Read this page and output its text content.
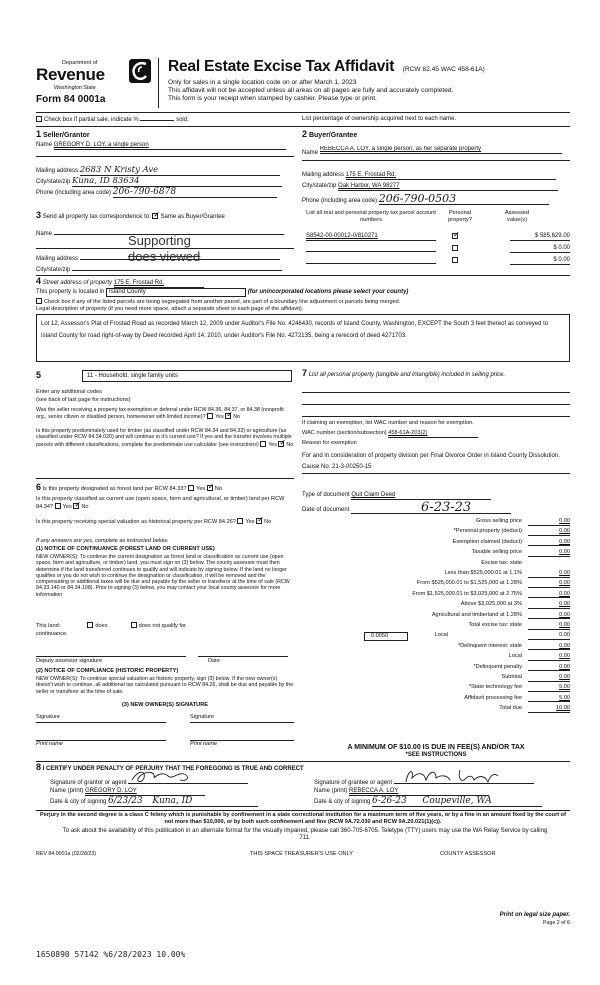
Department of
Revenue
Washington State
Form 84 0001a
Real Estate Excise Tax Affidavit (RCW 82.45 WAC 458-61A)
Only for sales in a single location code on or after March 1, 2023
This affidavit will not be accepted unless all areas on all pages are fully and accurately completed.
This form is your receipt when stamped by cashier. Please type or print.
Check box if partial sale, indicate %	sold.	List percentage of ownership acquired next to each name.
1 Seller/Grantor
Name GREGORY D. LOY, a single person
Mailing address 2683 N Kristy Ave
City/state/zip Kuna, ID 83634
Phone (including area code) 206-790-6878
2 Buyer/Grantee
Name REBECCA A. LOY, a single person, as her separate property
Mailing address 175 E. Frostad Rd.
City/state/zip Oak Harbor, WA 98277
Phone (including area code) 206-790-0503
3 Send all property tax correspondence to: ✓ Same as Buyer/Grantee
Name	Supporting
does viewed
Mailing address
City/state/zip
List all real and personal property tax parcel account numbers
Personal property?
Assessed value(s)
S8542-00-00012-0/810271 ✓	$ 585,629.00
$ 0.00
$ 0.00
4 Street address of property 175 E. Frostad Rd.
This property is located in Island County	(for unincorporated locations please select your county)
Check box if any of the listed parcels are being segregated from another parcel, are part of a boundary line adjustment or parcels being merged.
Legal description of property (if you need more space, attach a separate sheet to each page of the affidavit).
Lot 12, Assessor's Plat of Frostad Road as recorded March 12, 2009 under Auditor's File No. 4246430, records of Island County, Washington, EXCEPT the South 3 feet thereof as conveyed to Island County for road right-of-way by Deed recorded April 14, 2010, under Auditor's File No. 4272135, being a rerecord of deed 4271703.
5	11 - Household, single family units
Enter any additional codes
(see back of last page for instructions)
Was the seller receiving a property tax exemption or deferral under RCW 84.36, 84.37, or 84.38 (nonprofit org., senior citizen or disabled person, homeowner with limited income)? Yes ✓ No
Is this property predominately used for timber (as classified under RCW 84.34 and 84.33) or agriculture (as classified under RCW 84.34.020) and will continue in it's current use? If yes and the transfer involves multiple parcels with different classifications, complete the predominate use calculator (see instructions) Yes ✓ No
6 Is this property designated as forest land per RCW 84.33? Yes ✓ No
Is this property classified as current use (open space, farm and agricultural, or timber) land per RCW 84.34? Yes ✓ No
Is this property receiving special valuation as historical property per RCW 84.26? Yes ✓ No
If any answers are yes, complete as instructed below.
(1) NOTICE OF CONTINUANCE (FOREST LAND OR CURRENT USE)
NEW OWNER(S): To continue the current designation as forest land or classification as current use (open space, farm and agriculture, or timber) land, you must sign on (3) below. The county assessor must then determine if the land transferred continues to qualify and will indicate by signing below. If the land no longer qualifies or you do not wish to continue the designation or classification, it will be removed and the compensating or additional taxes will be due and payable by the seller or transferor at the time of sale (RCW 84.33.140 or 84.34.108). Prior to signing (3) below, you may contact your local county assessor for more information
This land:	does	does not qualify for
continuance.
Deputy assessor signature	Date
(2) NOTICE OF COMPLIANCE (HISTORIC PROPERTY)
NEW OWNER(S): To continue special valuation as historic property, sign (3) below. If the new owner(s) doesn't wish to continue, all additional tax calculated pursuant to RCW 84.26, shall be due and payable by the seller or transferor at the time of sale.
(3) NEW OWNER(S) SIGNATURE
Signature	Signature
Print name	Print name
7 List all personal property (tangible and intangible) included in selling price.
If claiming an exemption, list WAC number and reason for exemption.
WAC number (section/subsection) 458-61A-203(2)
Reason for exemption
For and in consideration of property division per Final Divorce Order in Island County Dissolution, Cause No. 21-3-00250-15
Type of document Quit Claim Deed
Date of document	6-23-23
Gross selling price	0.00
*Personal property (deduct)	0.00
Exemption claimed (deduct)	0.00
Taxable selling price	0.00
Excise tax: state
Less than $525,000.01 at 1.1%	0.00
From $525,000.01 to $1,525,000 at 1.28%	0.00
From $1,525,000.01 to $3,025,000 at 2.75%	0.00
Above $3,025,000 at 3%	0.00
Agricultural and timberland at 1.28%	0.00
Total excise tax: state	0.00
0.0050	Local	0.00
*Delinquent interest: state	0.00
Local	0.00
*Delinquent penalty	0.00
Subtotal	0.00
*State technology fee	5.00
Affidavit processing fee	5.00
Total due	10.00
A MINIMUM OF $10.00 IS DUE IN FEE(S) AND/OR TAX
*SEE INSTRUCTIONS
8 I CERTIFY UNDER PENALTY OF PERJURY THAT THE FOREGOING IS TRUE AND CORRECT
Signature of grantor or agent
Name (print) GREGORY D. LOY
Date & city of signing 6/23/23 Kuna, ID
Signature of grantee or agent
Name (print) REBECCA A. LOY
Date & city of signing 6-26-23 Coupeville, WA
Perjury in the second degree is a class C felony which is punishable by confinement in a state correctional institution for a maximum term of five years, or by a fine in an amount fixed by the court of not more than $10,000, or by both such confinement and fine (RCW 9A.72.030 and RCW 9A.20.021(1)(c)).
To ask about the availability of this publication in an alternate format for the visually impaired, please call 360-705-6705. Teletype (TTY) users may use the WA Relay Service by calling 711.
REV 84 0001a (02/28/23)	THIS SPACE TREASURER'S USE ONLY	COUNTY ASSESSOR
Print on legal size paper.
Page 2 of 6
1650890 57142 %6/28/2023 10.00%
